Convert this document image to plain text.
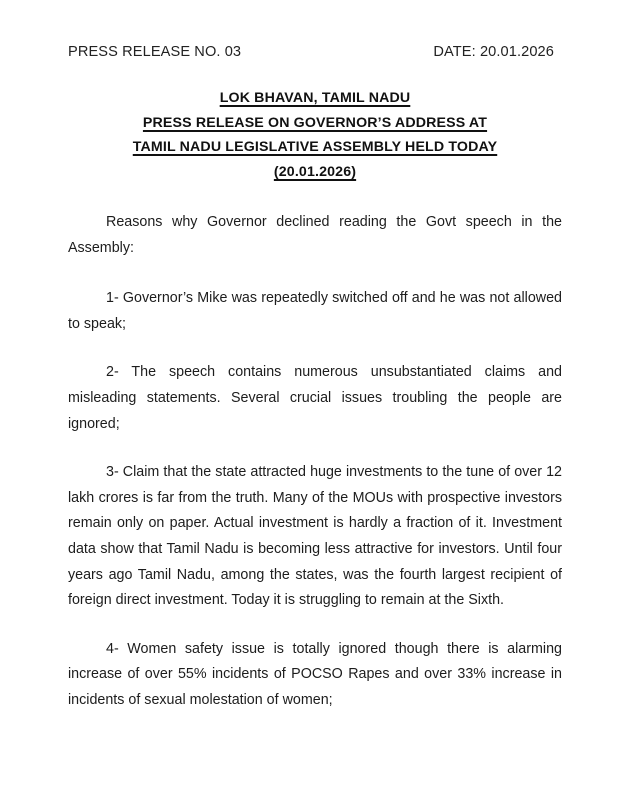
PRESS RELEASE NO. 03	DATE: 20.01.2026
LOK BHAVAN, TAMIL NADU
PRESS RELEASE ON GOVERNOR’S ADDRESS AT
TAMIL NADU LEGISLATIVE ASSEMBLY HELD TODAY
(20.01.2026)

Reasons why Governor declined reading the Govt speech in the Assembly:

1- Governor’s Mike was repeatedly switched off and he was not allowed to speak;

2- The speech contains numerous unsubstantiated claims and misleading statements. Several crucial issues troubling the people are ignored;

3- Claim that the state attracted huge investments to the tune of over 12 lakh crores is far from the truth. Many of the MOUs with prospective investors remain only on paper. Actual investment is hardly a fraction of it. Investment data show that Tamil Nadu is becoming less attractive for investors. Until four years ago Tamil Nadu, among the states, was the fourth largest recipient of foreign direct investment. Today it is struggling to remain at the Sixth.

4- Women safety issue is totally ignored though there is alarming increase of over 55% incidents of POCSO Rapes and over 33% increase in incidents of sexual molestation of women;
